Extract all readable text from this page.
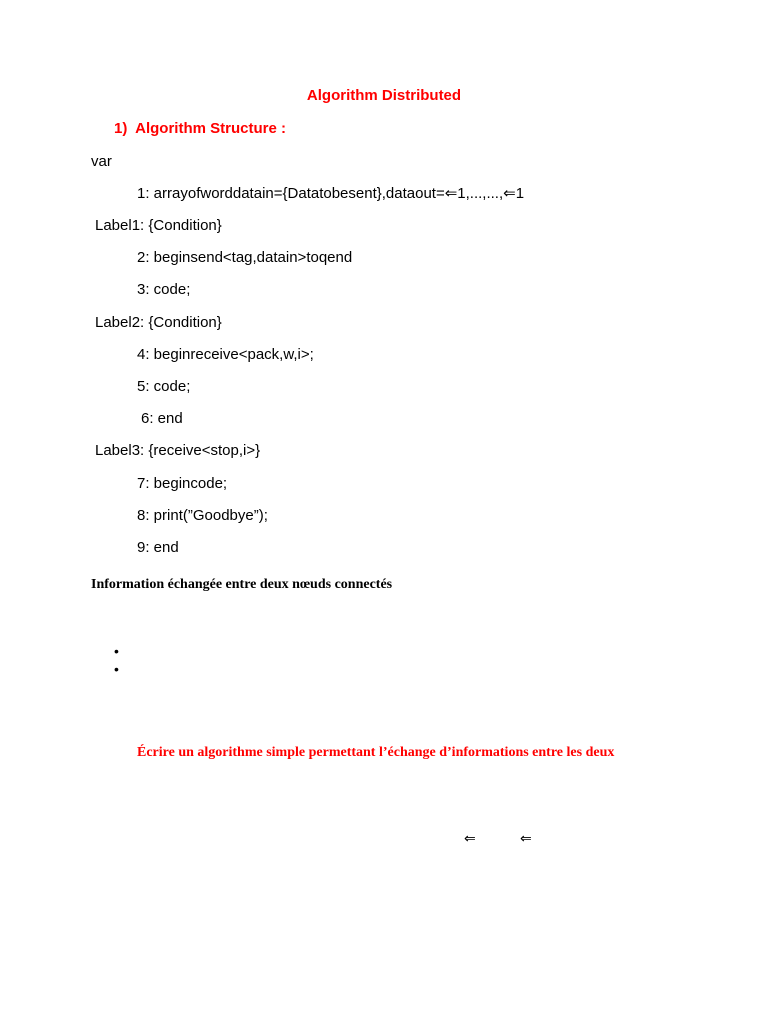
Algorithm Distributed
1) Algorithm Structure :
var
1: arrayofworddatain={Datatobesent},dataout=⇐1,...,...,⇐1
Label1: {Condition}
2: beginsend<tag,datain>toqend
3: code;
Label2: {Condition}
4: beginreceive<pack,w,i>;
5: code;
6: end
Label3: {receive<stop,i>}
7: begincode;
8: print(”Goodbye”);
9: end
Information échangée entre deux nœuds connectés
•
•
Écrire un algorithme simple permettant l’échange d’informations entre les deux
⇐	⇐
